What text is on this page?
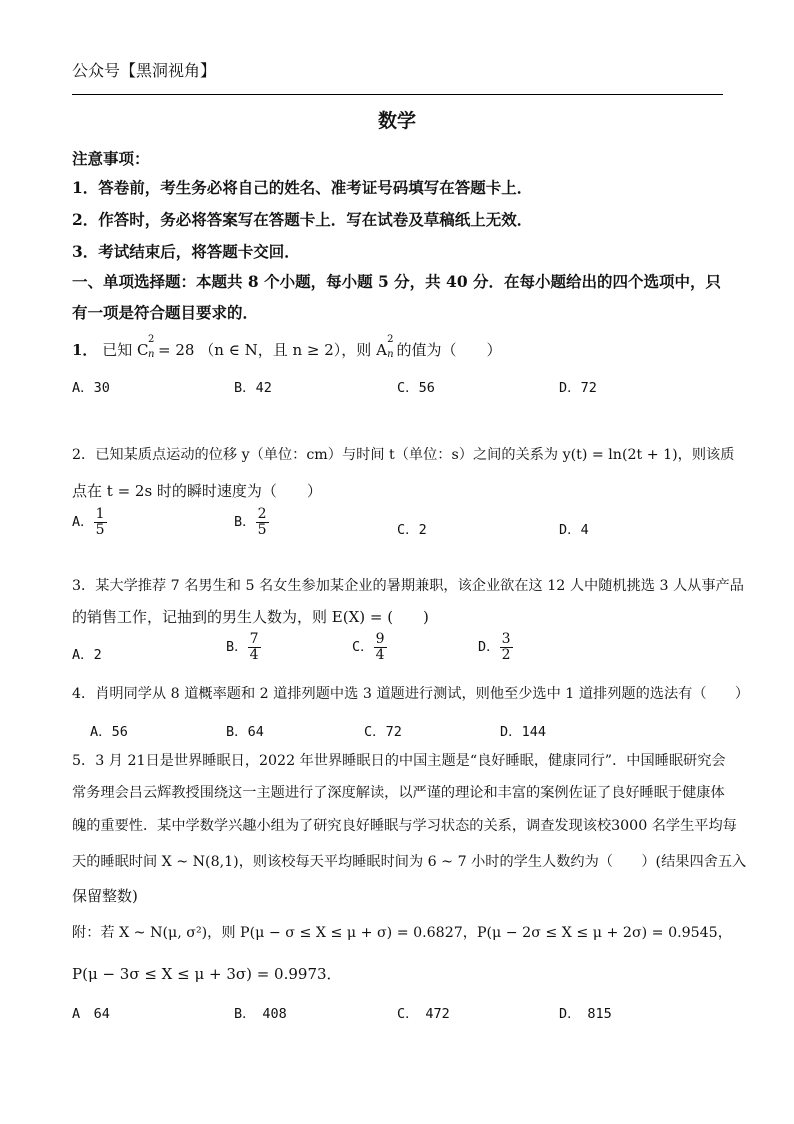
公众号【黑洞视角】
数学
注意事项：
1．答卷前，考生务必将自己的姓名、准考证号码填写在答题卡上．
2．作答时，务必将答案写在答题卡上．写在试卷及草稿纸上无效．
3．考试结束后，将答题卡交回．
一、单项选择题：本题共 8 个小题，每小题 5 分，共 40 分．在每小题给出的四个选项中，只
有一项是符合题目要求的．
1． 已知 C
2
n = 28 （n ∈ N，且 n ≥ 2），则 A
2
n 的值为（　　）
A．30	B．42	C．56	D．72
2．已知某质点运动的位移 y（单位：cm）与时间 t（单位：s）之间的关系为 y(t) = ln(2t + 1)，则该质
点在 t = 2s 时的瞬时速度为（　　）
A． $\frac{1}{5}$	B． $\frac{2}{5}$	C．2	D．4
3．某大学推荐 7 名男生和 5 名女生参加某企业的暑期兼职，该企业欲在这 12 人中随机挑选 3 人从事产品
的销售工作，记抽到的男生人数为，则 E(X) = (　　)
A．2	B． $\frac{7}{4}$	C． $\frac{9}{4}$	D． $\frac{3}{2}$
4．肖明同学从 8 道概率题和 2 道排列题中选 3 道题进行测试，则他至少选中 1 道排列题的选法有（　　）
A．56	B．64	C．72	D．144
5．3 月 21日是世界睡眠日，2022 年世界睡眠日的中国主题是“良好睡眠，健康同行”．中国睡眠研究会
常务理会吕云辉教授围绕这一主题进行了深度解读，以严谨的理论和丰富的案例佐证了良好睡眠于健康体
魄的重要性．某中学数学兴趣小组为了研究良好睡眠与学习状态的关系，调查发现该校3000 名学生平均每
天的睡眠时间 X ~ N(8,1)，则该校每天平均睡眠时间为 6 ~ 7 小时的学生人数约为（　　）(结果四舍五入
保留整数)
附：若 X ~ N(μ, σ²)，则 P(μ − σ ≤ X ≤ μ + σ) = 0.6827，P(μ − 2σ ≤ X ≤ μ + 2σ) = 0.9545，
P(μ − 3σ ≤ X ≤ μ + 3σ) = 0.9973．
A　64	B．　408	C．　472	D．　815
